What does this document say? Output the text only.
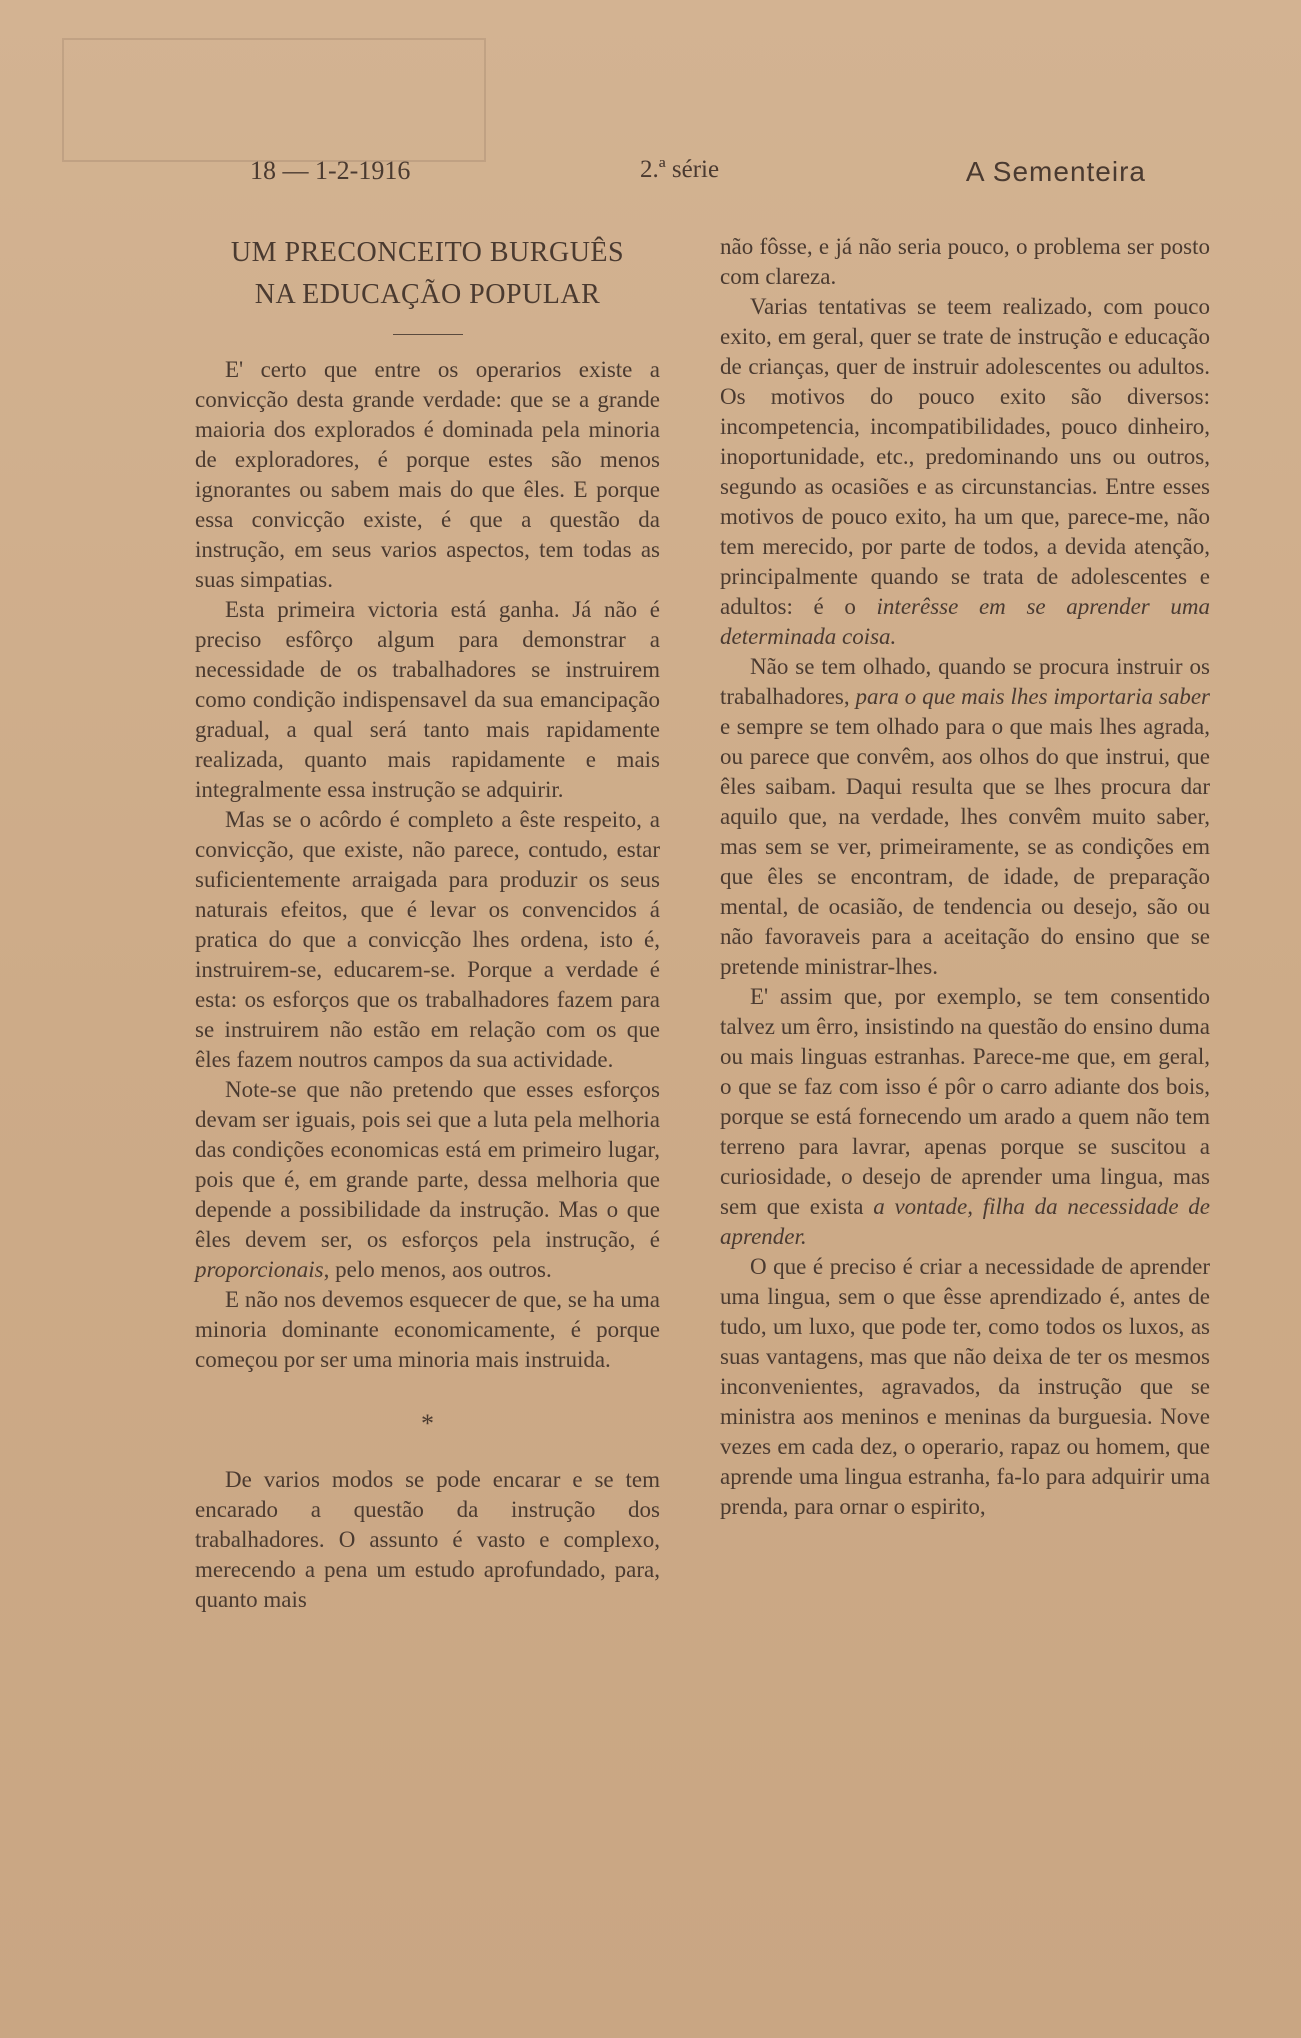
18 — 1-2-1916	2.ª série	A Sementeira
UM PRECONCEITO BURGUÊS
NA EDUCAÇÃO POPULAR

E' certo que entre os operarios existe a convicção desta grande verdade: que se a grande maioria dos explorados é dominada pela minoria de exploradores, é porque estes são menos ignorantes ou sabem mais do que êles. E porque essa convicção existe, é que a questão da instrução, em seus varios aspectos, tem todas as suas simpatias.

Esta primeira victoria está ganha. Já não é preciso esfôrço algum para demonstrar a necessidade de os trabalhadores se instruirem como condição indispensavel da sua emancipação gradual, a qual será tanto mais rapidamente realizada, quanto mais rapidamente e mais integralmente essa instrução se adquirir.

Mas se o acôrdo é completo a êste respeito, a convicção, que existe, não parece, contudo, estar suficientemente arraigada para produzir os seus naturais efeitos, que é levar os convencidos á pratica do que a convicção lhes ordena, isto é, instruirem-se, educarem-se. Porque a verdade é esta: os esforços que os trabalhadores fazem para se instruirem não estão em relação com os que êles fazem noutros campos da sua actividade.

Note-se que não pretendo que esses esforços devam ser iguais, pois sei que a luta pela melhoria das condições economicas está em primeiro lugar, pois que é, em grande parte, dessa melhoria que depende a possibilidade da instrução. Mas o que êles devem ser, os esforços pela instrução, é proporcionais, pelo menos, aos outros.

E não nos devemos esquecer de que, se ha uma minoria dominante economicamente, é porque começou por ser uma minoria mais instruida.

*

De varios modos se pode encarar e se tem encarado a questão da instrução dos trabalhadores. O assunto é vasto e complexo, merecendo a pena um estudo aprofundado, para, quanto mais

não fôsse, e já não seria pouco, o problema ser posto com clareza.

Varias tentativas se teem realizado, com pouco exito, em geral, quer se trate de instrução e educação de crianças, quer de instruir adolescentes ou adultos. Os motivos do pouco exito são diversos: incompetencia, incompatibilidades, pouco dinheiro, inoportunidade, etc., predominando uns ou outros, segundo as ocasiões e as circunstancias. Entre esses motivos de pouco exito, ha um que, parece-me, não tem merecido, por parte de todos, a devida atenção, principalmente quando se trata de adolescentes e adultos: é o interêsse em se aprender uma determinada coisa.

Não se tem olhado, quando se procura instruir os trabalhadores, para o que mais lhes importaria saber e sempre se tem olhado para o que mais lhes agrada, ou parece que convêm, aos olhos do que instrui, que êles saibam. Daqui resulta que se lhes procura dar aquilo que, na verdade, lhes convêm muito saber, mas sem se ver, primeiramente, se as condições em que êles se encontram, de idade, de preparação mental, de ocasião, de tendencia ou desejo, são ou não favoraveis para a aceitação do ensino que se pretende ministrar-lhes.

E' assim que, por exemplo, se tem consentido talvez um êrro, insistindo na questão do ensino duma ou mais linguas estranhas. Parece-me que, em geral, o que se faz com isso é pôr o carro adiante dos bois, porque se está fornecendo um arado a quem não tem terreno para lavrar, apenas porque se suscitou a curiosidade, o desejo de aprender uma lingua, mas sem que exista a vontade, filha da necessidade de aprender.

O que é preciso é criar a necessidade de aprender uma lingua, sem o que êsse aprendizado é, antes de tudo, um luxo, que pode ter, como todos os luxos, as suas vantagens, mas que não deixa de ter os mesmos inconvenientes, agravados, da instrução que se ministra aos meninos e meninas da burguesia. Nove vezes em cada dez, o operario, rapaz ou homem, que aprende uma lingua estranha, fa-lo para adquirir uma prenda, para ornar o espirito,
